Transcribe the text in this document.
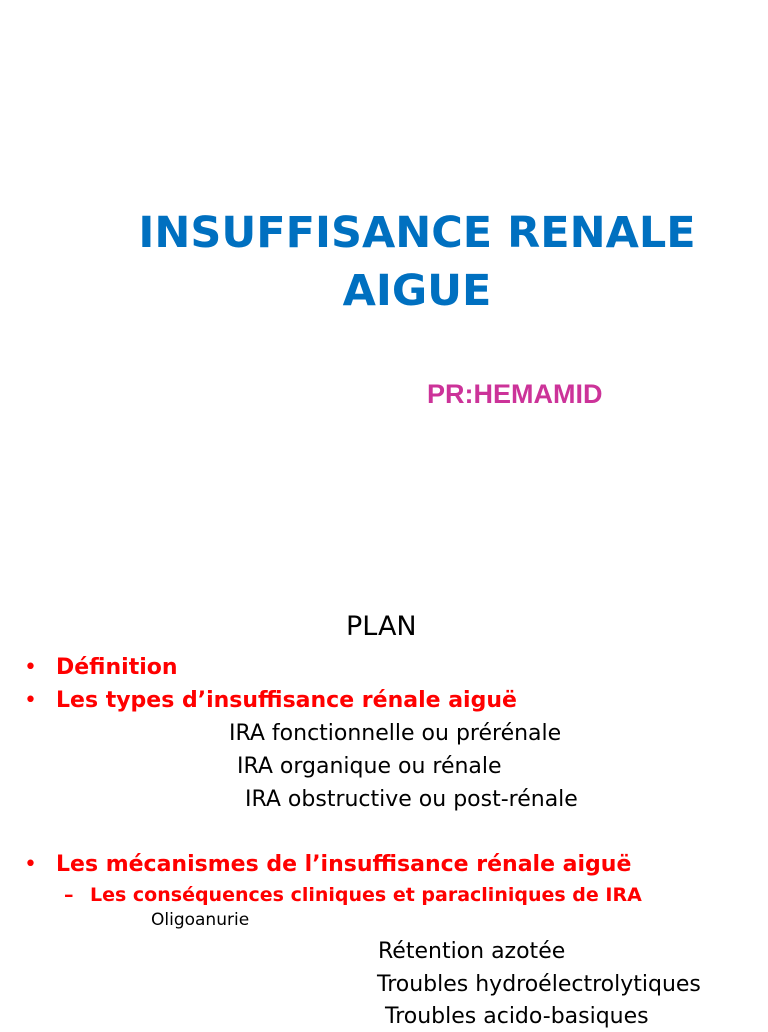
INSUFFISANCE RENALE
AIGUE
PR:HEMAMID
PLAN
• Définition
• Les types d’insuffisance rénale aiguë
IRA fonctionnelle ou prérénale
IRA organique ou rénale
IRA obstructive ou post-rénale
• Les mécanismes de l’insuffisance rénale aiguë
– Les conséquences cliniques et paracliniques de IRA
Oligoanurie
Rétention azotée
Troubles hydroélectrolytiques
Troubles acido-basiques
